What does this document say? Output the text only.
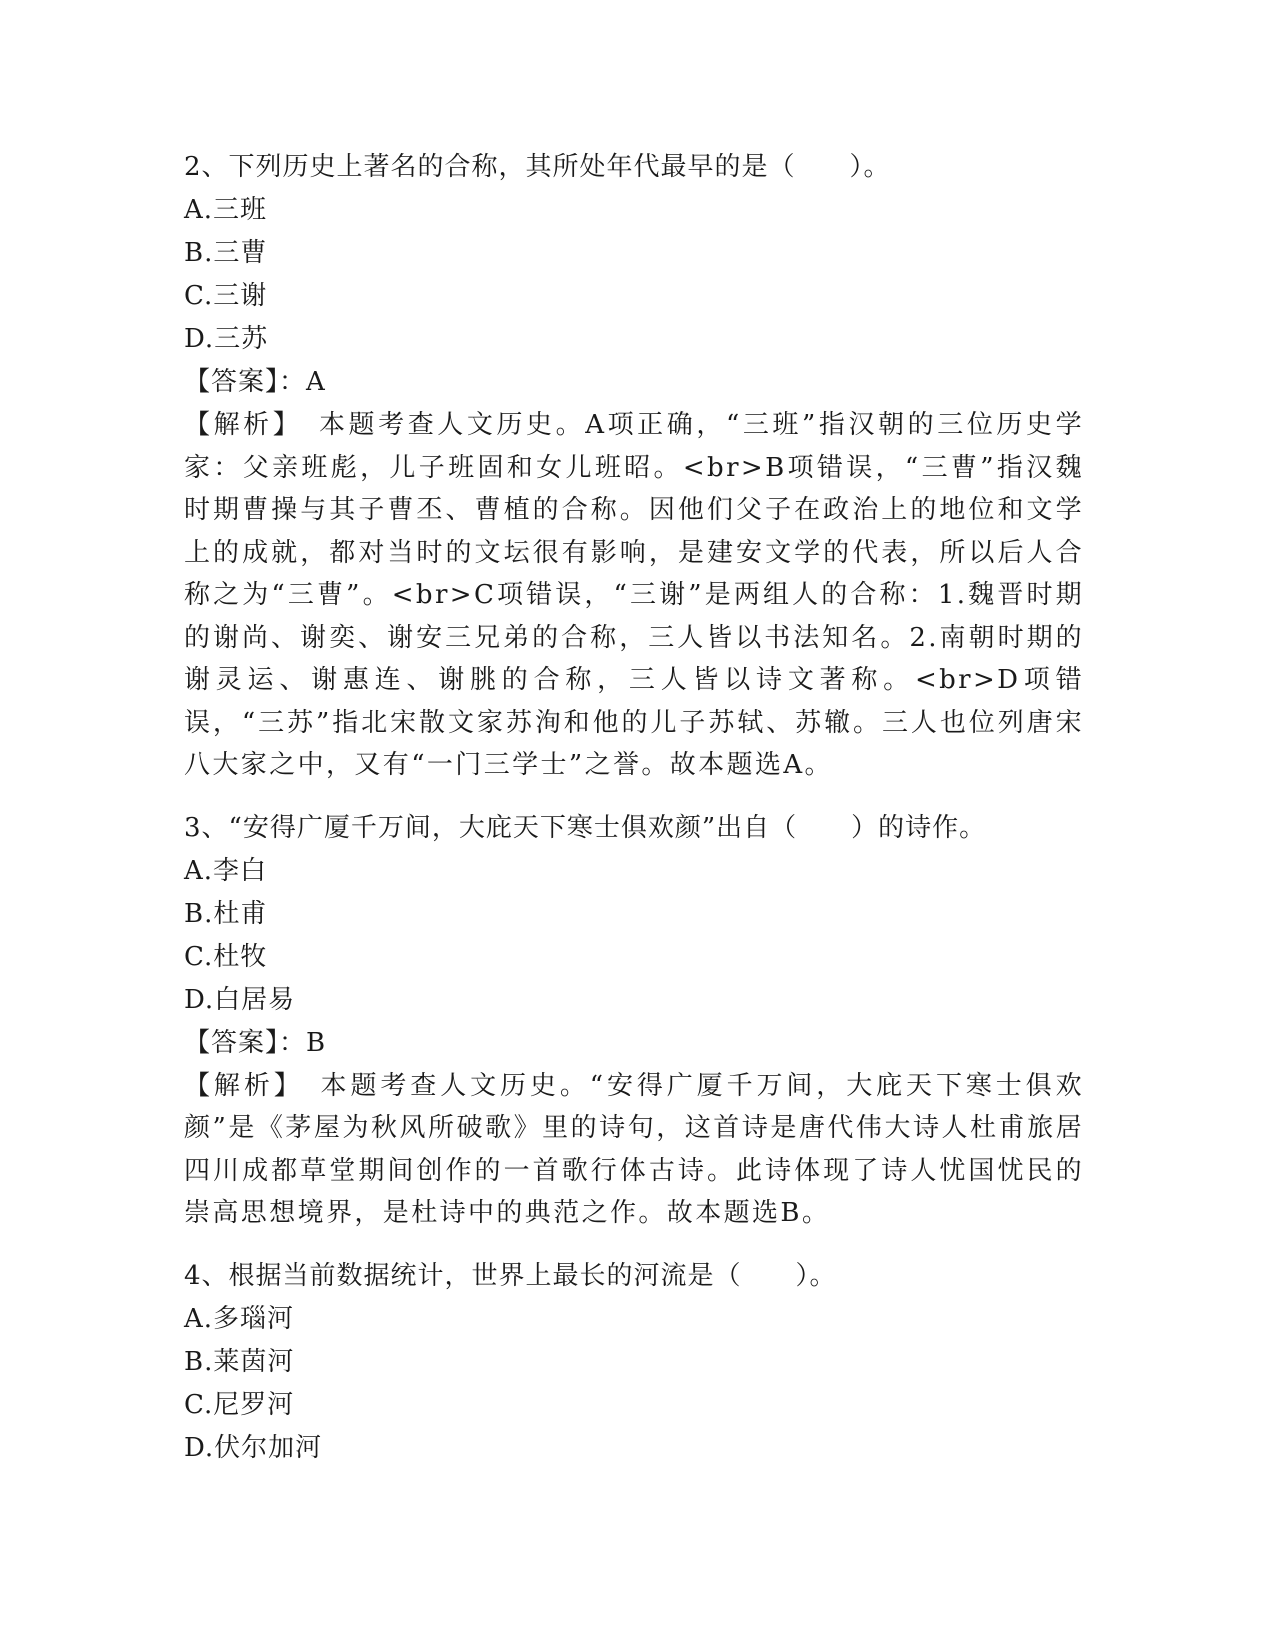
2、下列历史上著名的合称，其所处年代最早的是（　　）。
A.三班
B.三曹
C.三谢
D.三苏
【答案】：A
【解析】　本题考查人文历史。A项正确，“三班”指汉朝的三位历史学家：父亲班彪，儿子班固和女儿班昭。<br>B项错误，“三曹”指汉魏时期曹操与其子曹丕、曹植的合称。因他们父子在政治上的地位和文学上的成就，都对当时的文坛很有影响，是建安文学的代表，所以后人合称之为“三曹”。<br>C项错误，“三谢”是两组人的合称：1.魏晋时期的谢尚、谢奕、谢安三兄弟的合称，三人皆以书法知名。2.南朝时期的谢灵运、谢惠连、谢朓的合称，三人皆以诗文著称。<br>D项错误，“三苏”指北宋散文家苏洵和他的儿子苏轼、苏辙。三人也位列唐宋八大家之中，又有“一门三学士”之誉。故本题选A。
3、“安得广厦千万间，大庇天下寒士俱欢颜”出自（　　）的诗作。
A.李白
B.杜甫
C.杜牧
D.白居易
【答案】：B
【解析】　本题考查人文历史。“安得广厦千万间，大庇天下寒士俱欢颜”是《茅屋为秋风所破歌》里的诗句，这首诗是唐代伟大诗人杜甫旅居四川成都草堂期间创作的一首歌行体古诗。此诗体现了诗人忧国忧民的崇高思想境界，是杜诗中的典范之作。故本题选B。
4、根据当前数据统计，世界上最长的河流是（　　）。
A.多瑙河
B.莱茵河
C.尼罗河
D.伏尔加河
